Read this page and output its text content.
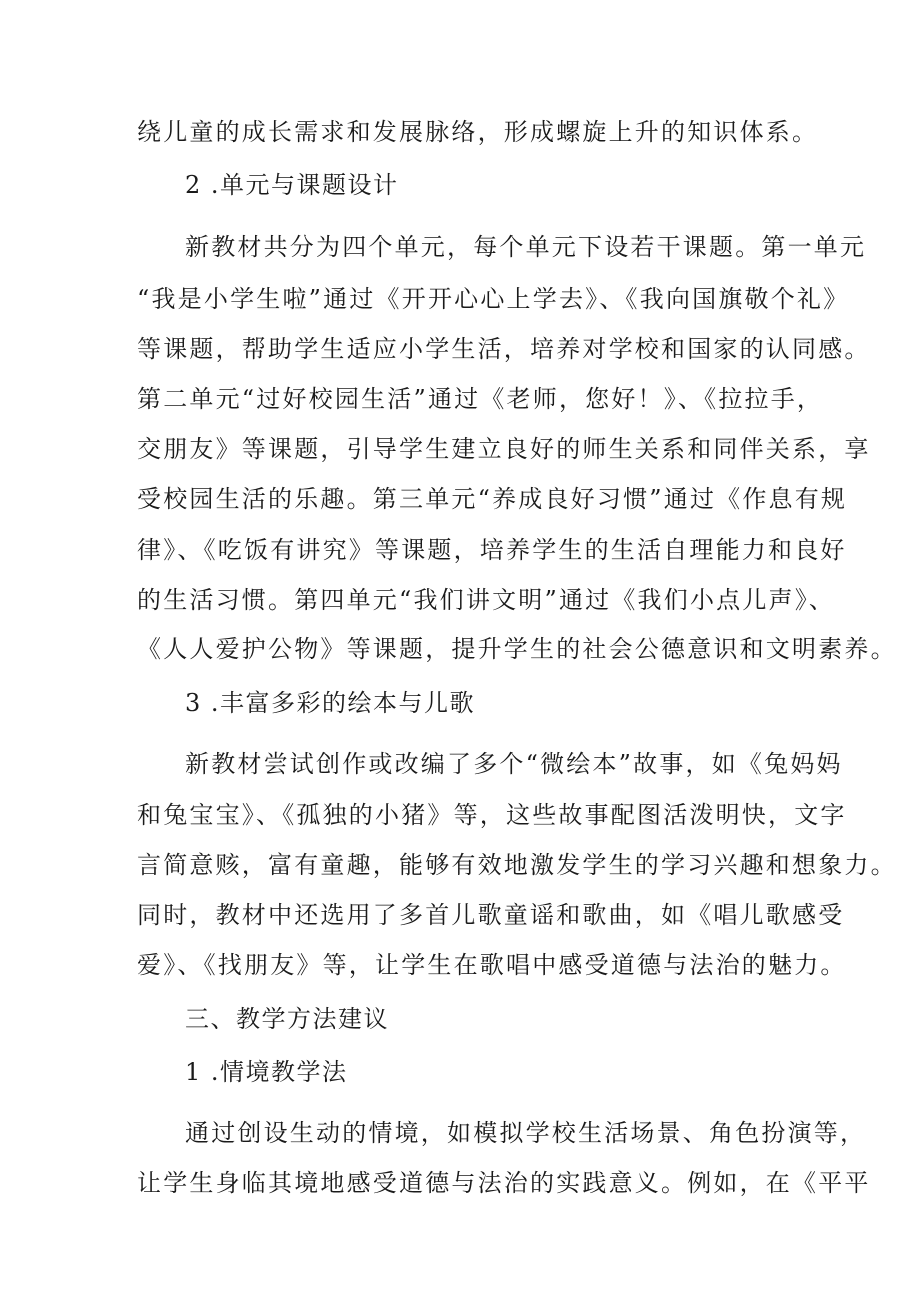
绕儿童的成长需求和发展脉络，形成螺旋上升的知识体系。
2 .单元与课题设计
新教材共分为四个单元，每个单元下设若干课题。第一单元
“我是小学生啦”通过《开开心心上学去》、《我向国旗敬个礼》
等课题，帮助学生适应小学生活，培养对学校和国家的认同感。
第二单元“过好校园生活”通过《老师，您好！》、《拉拉手，
交朋友》等课题，引导学生建立良好的师生关系和同伴关系，享
受校园生活的乐趣。第三单元“养成良好习惯”通过《作息有规
律》、《吃饭有讲究》等课题，培养学生的生活自理能力和良好
的生活习惯。第四单元“我们讲文明”通过《我们小点儿声》、
《人人爱护公物》等课题，提升学生的社会公德意识和文明素养。
3 .丰富多彩的绘本与儿歌
新教材尝试创作或改编了多个“微绘本”故事，如《兔妈妈
和兔宝宝》、《孤独的小猪》等，这些故事配图活泼明快，文字
言简意赅，富有童趣，能够有效地激发学生的学习兴趣和想象力。
同时，教材中还选用了多首儿歌童谣和歌曲，如《唱儿歌感受
爱》、《找朋友》等，让学生在歌唱中感受道德与法治的魅力。
三、教学方法建议
1 .情境教学法
通过创设生动的情境，如模拟学校生活场景、角色扮演等，
让学生身临其境地感受道德与法治的实践意义。例如，在《平平
